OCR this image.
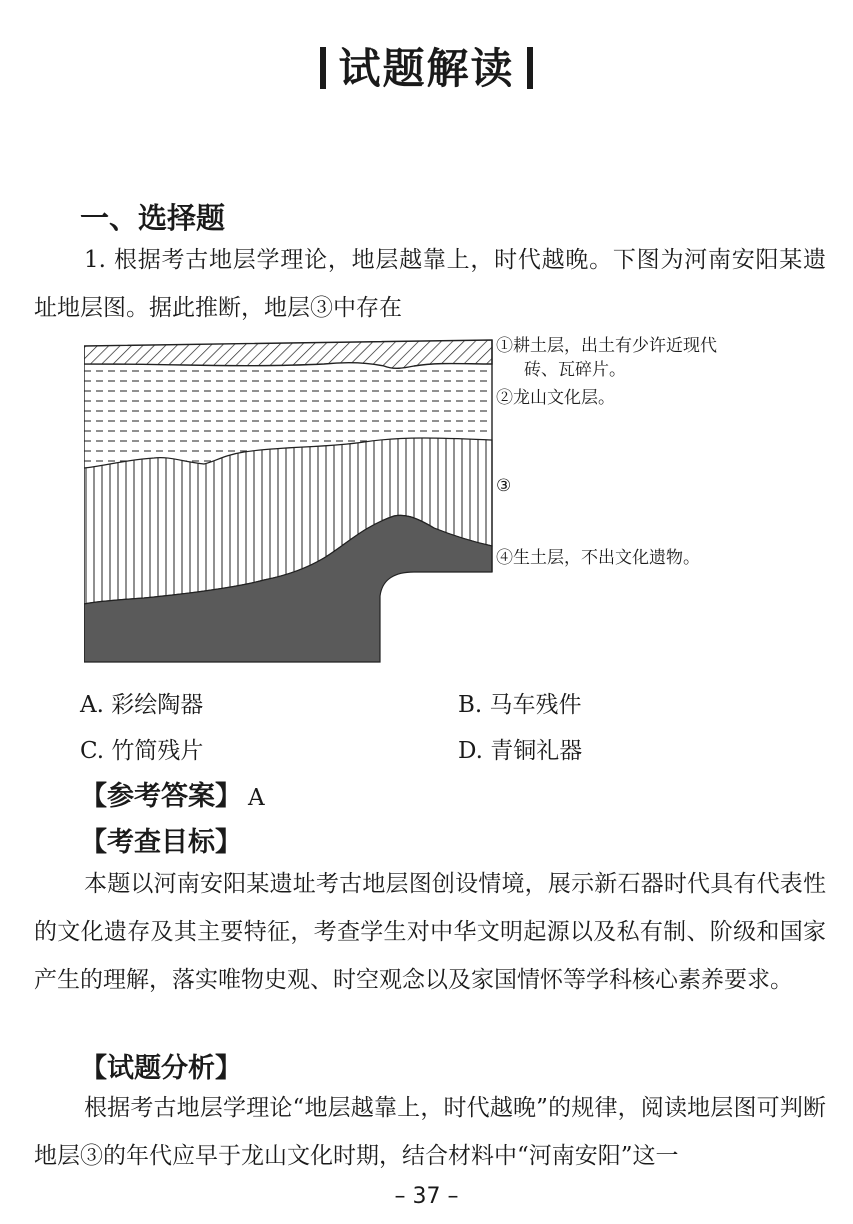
试题解读
一、选择题
1. 根据考古地层学理论，地层越靠上，时代越晚。下图为河南安阳某遗址地层图。据此推断，地层③中存在
①耕土层，出土有少许近现代
砖、瓦碎片。
②龙山文化层。
③
④生土层，不出文化遗物。
A. 彩绘陶器	B. 马车残件
C. 竹简残片	D. 青铜礼器
【参考答案】 A
【考查目标】
本题以河南安阳某遗址考古地层图创设情境，展示新石器时代具有代表性的文化遗存及其主要特征，考查学生对中华文明起源以及私有制、阶级和国家产生的理解，落实唯物史观、时空观念以及家国情怀等学科核心素养要求。
【试题分析】
根据考古地层学理论“地层越靠上，时代越晚”的规律，阅读地层图可判断地层③的年代应早于龙山文化时期，结合材料中“河南安阳”这一
– 37 –
